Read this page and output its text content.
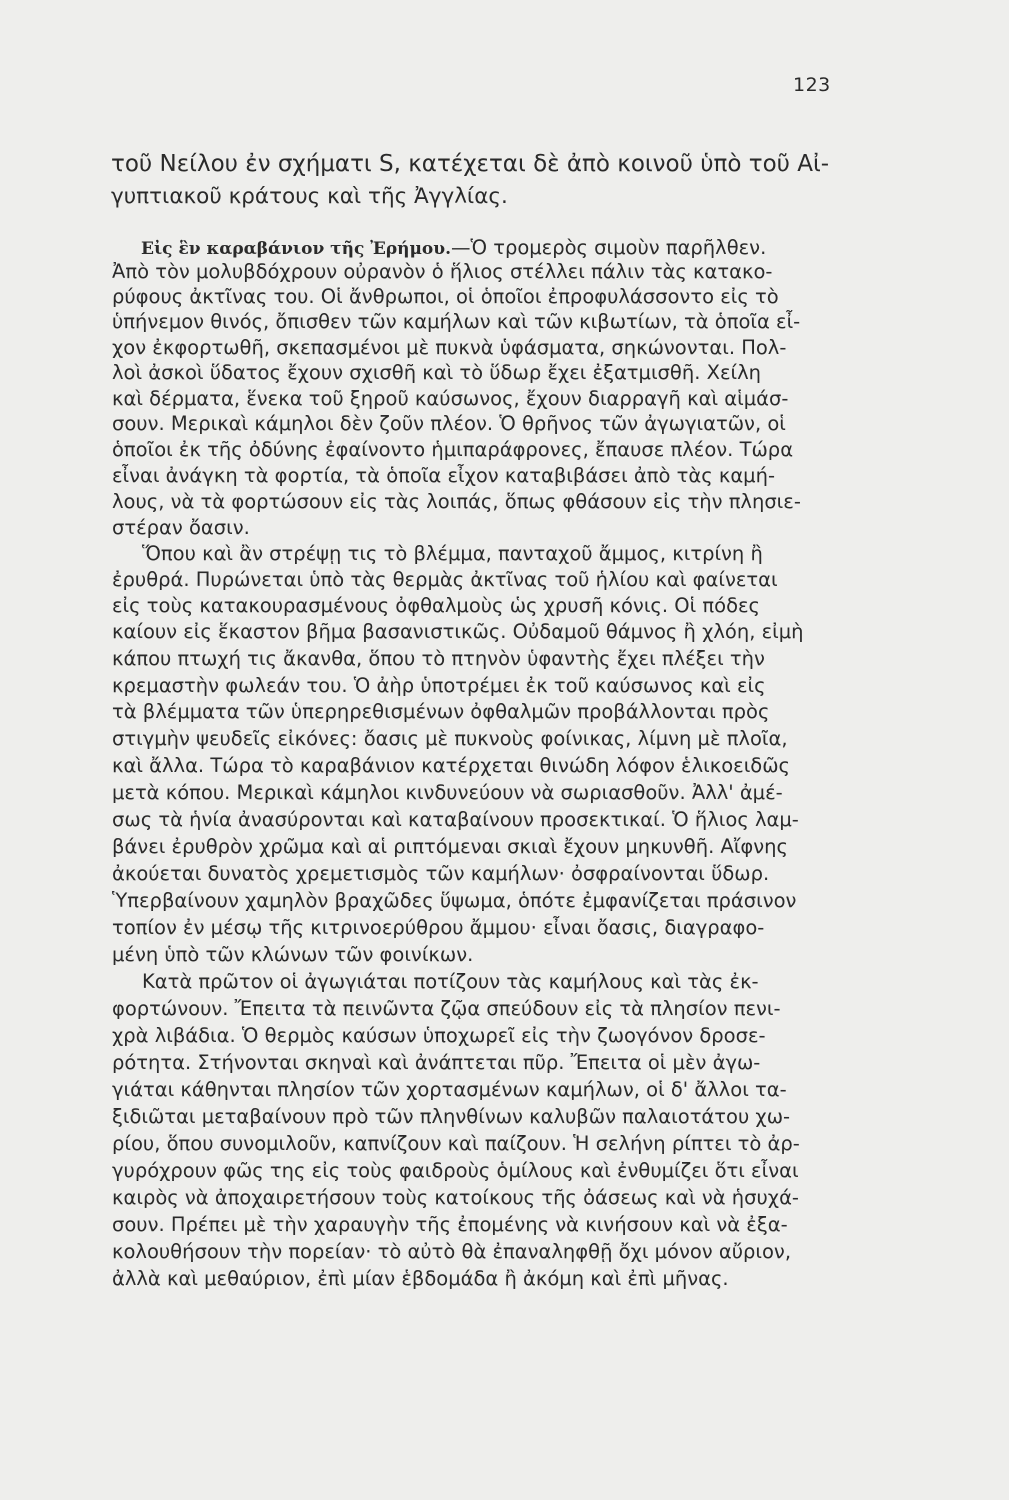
123
τοῦ Νείλου ἐν σχήματι S, κατέχεται δὲ ἀπὸ κοινοῦ ὑπὸ τοῦ Αἰ-
γυπτιακοῦ κράτους καὶ τῆς Ἀγγλίας.
Εἰς ἓν καραβάνιον τῆς Ἐρήμου.—Ὁ τρομερὸς σιμοὺν παρῆλθεν.
Ἀπὸ τὸν μολυβδόχρουν οὐρανὸν ὁ ἥλιος στέλλει πάλιν τὰς κατακο-
ρύφους ἀκτῖνας του. Οἱ ἄνθρωποι, οἱ ὁποῖοι ἐπροφυλάσσοντο εἰς τὸ
ὑπήνεμον θινός, ὄπισθεν τῶν καμήλων καὶ τῶν κιβωτίων, τὰ ὁποῖα εἶ-
χον ἐκφορτωθῆ, σκεπασμένοι μὲ πυκνὰ ὑφάσματα, σηκώνονται. Πολ-
λοὶ ἀσκοὶ ὕδατος ἔχουν σχισθῆ καὶ τὸ ὕδωρ ἔχει ἐξατμισθῆ. Χείλη
καὶ δέρματα, ἕνεκα τοῦ ξηροῦ καύσωνος, ἔχουν διαρραγῆ καὶ αἱμάσ-
σουν. Μερικαὶ κάμηλοι δὲν ζοῦν πλέον. Ὁ θρῆνος τῶν ἀγωγιατῶν, οἱ
ὁποῖοι ἐκ τῆς ὀδύνης ἐφαίνοντο ἡμιπαράφρονες, ἔπαυσε πλέον. Τώρα
εἶναι ἀνάγκη τὰ φορτία, τὰ ὁποῖα εἶχον καταβιβάσει ἀπὸ τὰς καμή-
λους, νὰ τὰ φορτώσουν εἰς τὰς λοιπάς, ὅπως φθάσουν εἰς τὴν πλησιε-
στέραν ὄασιν.
Ὅπου καὶ ἂν στρέψῃ τις τὸ βλέμμα, πανταχοῦ ἄμμος, κιτρίνη ἢ
ἐρυθρά. Πυρώνεται ὑπὸ τὰς θερμὰς ἀκτῖνας τοῦ ἡλίου καὶ φαίνεται
εἰς τοὺς κατακουρασμένους ὀφθαλμοὺς ὡς χρυσῆ κόνις. Οἱ πόδες
καίουν εἰς ἕκαστον βῆμα βασανιστικῶς. Οὐδαμοῦ θάμνος ἢ χλόη, εἰμὴ
κάπου πτωχή τις ἄκανθα, ὅπου τὸ πτηνὸν ὑφαντὴς ἔχει πλέξει τὴν
κρεμαστὴν φωλεάν του. Ὁ ἀὴρ ὑποτρέμει ἐκ τοῦ καύσωνος καὶ εἰς
τὰ βλέμματα τῶν ὑπερηρεθισμένων ὀφθαλμῶν προβάλλονται πρὸς
στιγμὴν ψευδεῖς εἰκόνες: ὄασις μὲ πυκνοὺς φοίνικας, λίμνη μὲ πλοῖα,
καὶ ἄλλα. Τώρα τὸ καραβάνιον κατέρχεται θινώδη λόφον ἑλικοειδῶς
μετὰ κόπου. Μερικαὶ κάμηλοι κινδυνεύουν νὰ σωριασθοῦν. Ἀλλ' ἀμέ-
σως τὰ ἡνία ἀνασύρονται καὶ καταβαίνουν προσεκτικαί. Ὁ ἥλιος λαμ-
βάνει ἐρυθρὸν χρῶμα καὶ αἱ ριπτόμεναι σκιαὶ ἔχουν μηκυνθῆ. Αἴφνης
ἀκούεται δυνατὸς χρεμετισμὸς τῶν καμήλων· ὀσφραίνονται ὕδωρ.
Ὑπερβαίνουν χαμηλὸν βραχῶδες ὕψωμα, ὁπότε ἐμφανίζεται πράσινον
τοπίον ἐν μέσῳ τῆς κιτρινοερύθρου ἄμμου· εἶναι ὄασις, διαγραφο-
μένη ὑπὸ τῶν κλώνων τῶν φοινίκων.
Κατὰ πρῶτον οἱ ἀγωγιάται ποτίζουν τὰς καμήλους καὶ τὰς ἐκ-
φορτώνουν. Ἔπειτα τὰ πεινῶντα ζῷα σπεύδουν εἰς τὰ πλησίον πενι-
χρὰ λιβάδια. Ὁ θερμὸς καύσων ὑποχωρεῖ εἰς τὴν ζωογόνον δροσε-
ρότητα. Στήνονται σκηναὶ καὶ ἀνάπτεται πῦρ. Ἔπειτα οἱ μὲν ἀγω-
γιάται κάθηνται πλησίον τῶν χορτασμένων καμήλων, οἱ δ' ἄλλοι τα-
ξιδιῶται μεταβαίνουν πρὸ τῶν πληνθίνων καλυβῶν παλαιοτάτου χω-
ρίου, ὅπου συνομιλοῦν, καπνίζουν καὶ παίζουν. Ἡ σελήνη ρίπτει τὸ ἀρ-
γυρόχρουν φῶς της εἰς τοὺς φαιδροὺς ὁμίλους καὶ ἐνθυμίζει ὅτι εἶναι
καιρὸς νὰ ἀποχαιρετήσουν τοὺς κατοίκους τῆς ὀάσεως καὶ νὰ ἡσυχά-
σουν. Πρέπει μὲ τὴν χαραυγὴν τῆς ἐπομένης νὰ κινήσουν καὶ νὰ ἐξα-
κολουθήσουν τὴν πορείαν· τὸ αὐτὸ θὰ ἐπαναληφθῇ ὄχι μόνον αὔριον,
ἀλλὰ καὶ μεθαύριον, ἐπὶ μίαν ἑβδομάδα ἢ ἀκόμη καὶ ἐπὶ μῆνας.
